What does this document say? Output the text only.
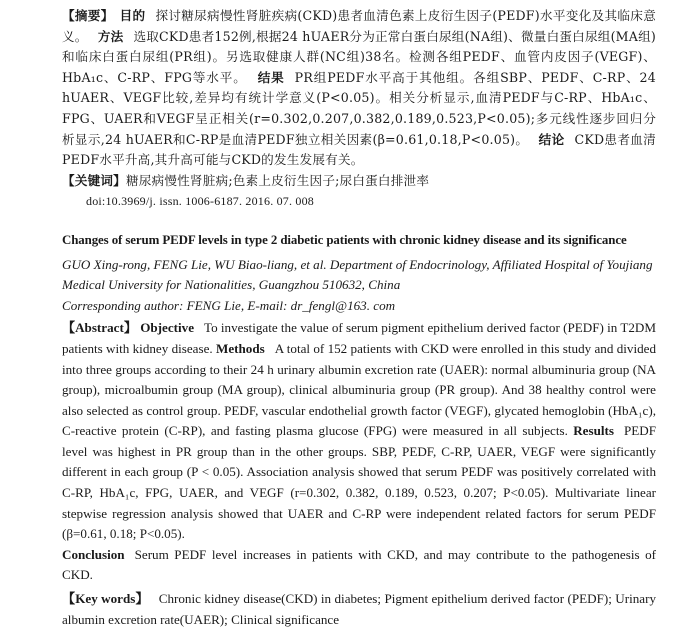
【摘要】 目的 探讨糖尿病慢性肾脏疾病(CKD)患者血清色素上皮衍生因子(PEDF)水平变化及其临床意义。 方法 选取CKD患者152例,根据24 hUAER分为正常白蛋白尿组(NA组)、微量白蛋白尿组(MA组)和临床白蛋白尿组(PR组)。另选取健康人群(NC组)38名。检测各组PEDF、血管内皮因子(VEGF)、HbA₁c、C-RP、FPG等水平。 结果 PR组PEDF水平高于其他组。各组SBP、PEDF、C-RP、24 hUAER、VEGF比较,差异均有统计学意义(P<0.05)。相关分析显示,血清PEDF与C-RP、HbA₁c、FPG、UAER和VEGF呈正相关(r=0.302,0.207,0.382,0.189,0.523,P<0.05);多元线性逐步回归分析显示,24 hUAER和C-RP是血清PEDF独立相关因素(β=0.61,0.18,P<0.05)。 结论 CKD患者血清PEDF水平升高,其升高可能与CKD的发生发展有关。
【关键词】糖尿病慢性肾脏病;色素上皮衍生因子;尿白蛋白排泄率
doi:10.3969/j. issn. 1006-6187. 2016. 07. 008
Changes of serum PEDF levels in type 2 diabetic patients with chronic kidney disease and its significance
GUO Xing-rong, FENG Lie, WU Biao-liang, et al. Department of Endocrinology, Affiliated Hospital of Youjiang Medical University for Nationalities, Guangzhou 510632, China
Corresponding author: FENG Lie, E-mail: dr_fengl@163. com
【Abstract】 Objective To investigate the value of serum pigment epithelium derived factor (PEDF) in T2DM patients with kidney disease. Methods A total of 152 patients with CKD were enrolled in this study and divided into three groups according to their 24 h urinary albumin excretion rate (UAER): normal albuminuria group (NA group), microalbumin group (MA group), clinical albuminuria group (PR group). And 38 healthy control were also selected as control group. PEDF, vascular endothelial growth factor (VEGF), glycated hemoglobin (HbA₁c), C-reactive protein (C-RP), and fasting plasma glucose (FPG) were measured in all subjects. Results PEDF level was highest in PR group than in the other groups. SBP, PEDF, C-RP, UAER, VEGF were significantly different in each group (P < 0.05). Association analysis showed that serum PEDF was positively correlated with C-RP, HbA₁c, FPG, UAER, and VEGF (r=0.302, 0.382, 0.189, 0.523, 0.207; P<0.05). Multivariate linear stepwise regression analysis showed that UAER and C-RP were independent related factors for serum PEDF (β=0.61, 0.18; P<0.05).
Conclusion Serum PEDF level increases in patients with CKD, and may contribute to the pathogenesis of CKD.
【Key words】 Chronic kidney disease(CKD) in diabetes; Pigment epithelium derived factor (PEDF); Urinary albumin excretion rate(UAER); Clinical significance
